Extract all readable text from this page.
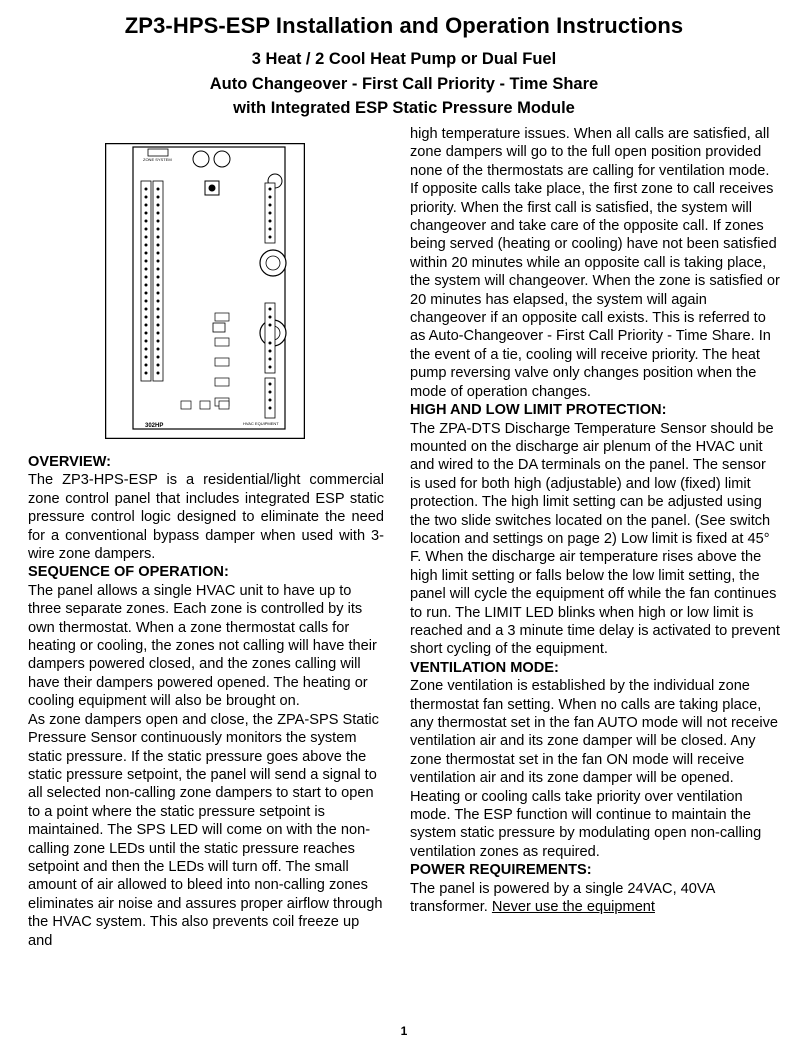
ZP3-HPS-ESP Installation and Operation Instructions
3 Heat / 2 Cool Heat Pump or Dual Fuel
Auto Changeover - First Call Priority - Time Share
with Integrated ESP Static Pressure Module
302HP
ZONE SYSTEM
HVAC EQUIPMENT

OVERVIEW:

The ZP3-HPS-ESP is a residential/light commercial zone control panel that includes integrated ESP static pressure control logic designed to eliminate the need for a conventional bypass damper when used with 3-wire zone dampers.

SEQUENCE OF OPERATION:

The panel allows a single HVAC unit to have up to three separate zones. Each zone is controlled by its own thermostat. When a zone thermostat calls for heating or cooling, the zones not calling will have their dampers powered closed, and the zones calling will have their dampers powered opened. The heating or cooling equipment will also be brought on.

As zone dampers open and close, the ZPA-SPS Static Pressure Sensor continuously monitors the system static pressure. If the static pressure goes above the static pressure setpoint, the panel will send a signal to all selected non-calling zone dampers to start to open to a point where the static pressure setpoint is maintained. The SPS LED will come on with the non-calling zone LEDs until the static pressure reaches setpoint and then the LEDs will turn off. The small amount of air allowed to bleed into non-calling zones eliminates air noise and assures proper airflow through the HVAC system. This also prevents coil freeze up and

high temperature issues. When all calls are satisfied, all zone dampers will go to the full open position provided none of the thermostats are calling for ventilation mode. If opposite calls take place, the first zone to call receives priority. When the first call is satisfied, the system will changeover and take care of the opposite call. If zones being served (heating or cooling) have not been satisfied within 20 minutes while an opposite call is taking place, the system will changeover. When the zone is satisfied or 20 minutes has elapsed, the system will again changeover if an opposite call exists. This is referred to as Auto-Changeover - First Call Priority - Time Share. In the event of a tie, cooling will receive priority. The heat pump reversing valve only changes position when the mode of operation changes.

HIGH AND LOW LIMIT PROTECTION:

The ZPA-DTS Discharge Temperature Sensor should be mounted on the discharge air plenum of the HVAC unit and wired to the DA terminals on the panel. The sensor is used for both high (adjustable) and low (fixed) limit protection. The high limit setting can be adjusted using the two slide switches located on the panel. (See switch location and settings on page 2) Low limit is fixed at 45° F. When the discharge air temperature rises above the high limit setting or falls below the low limit setting, the panel will cycle the equipment off while the fan continues to run. The LIMIT LED blinks when high or low limit is reached and a 3 minute time delay is activated to prevent short cycling of the equipment.

VENTILATION MODE:

Zone ventilation is established by the individual zone thermostat fan setting. When no calls are taking place, any thermostat set in the fan AUTO mode will not receive ventilation air and its zone damper will be closed. Any zone thermostat set in the fan ON mode will receive ventilation air and its zone damper will be opened. Heating or cooling calls take priority over ventilation mode. The ESP function will continue to maintain the system static pressure by modulating open non-calling ventilation zones as required.

POWER REQUIREMENTS:

The panel is powered by a single 24VAC, 40VA transformer. Never use the equipment

1
